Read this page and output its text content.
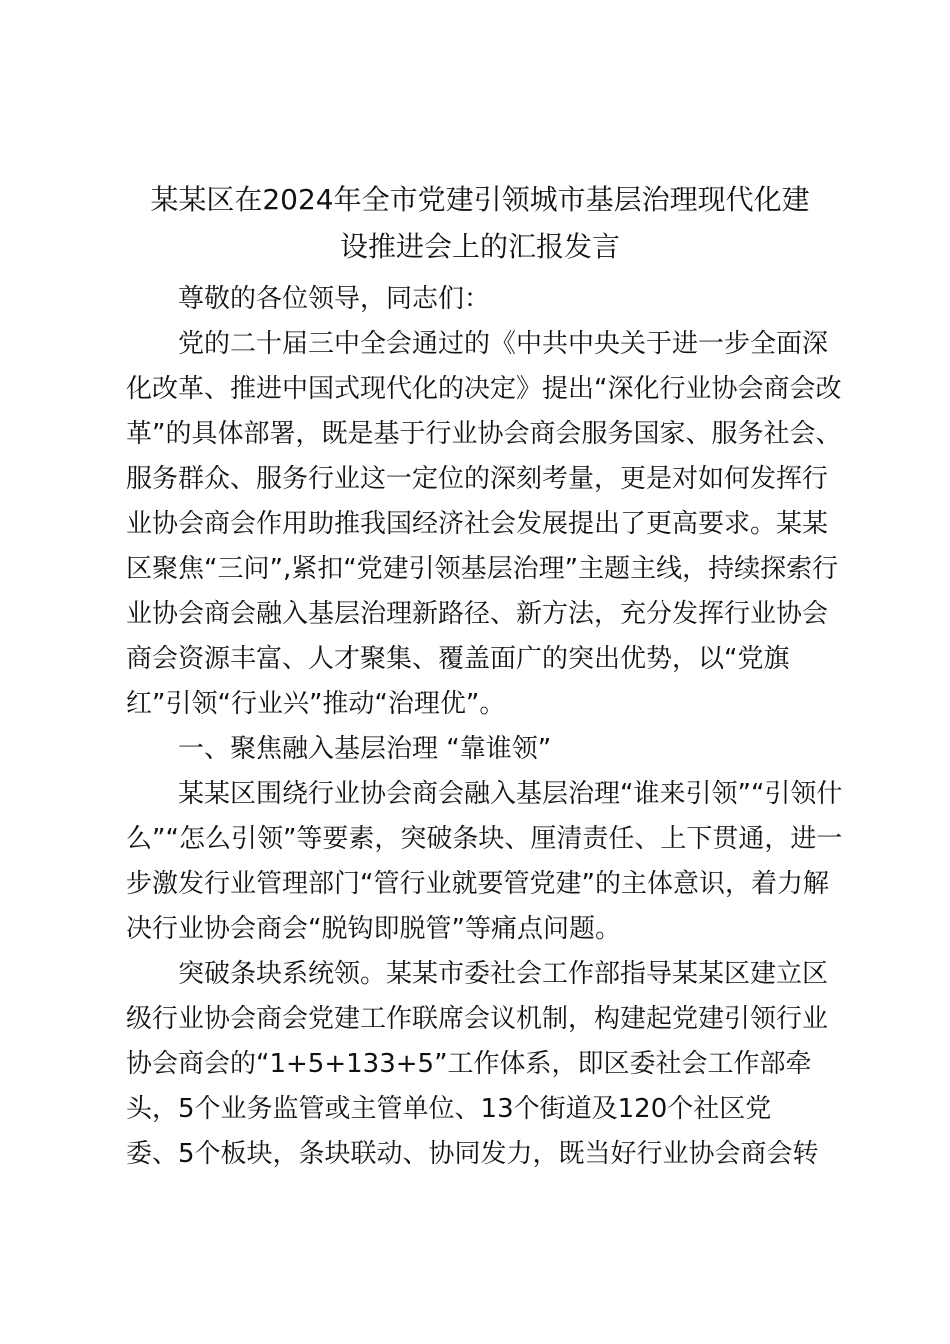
某某区在2024年全市党建引领城市基层治理现代化建
设推进会上的汇报发言

尊敬的各位领导，同志们：

党的二十届三中全会通过的《中共中央关于进一步全面深

化改革、推进中国式现代化的决定》提出“深化行业协会商会改

革”的具体部署，既是基于行业协会商会服务国家、服务社会、

服务群众、服务行业这一定位的深刻考量，更是对如何发挥行

业协会商会作用助推我国经济社会发展提出了更高要求。某某

区聚焦“三问”,紧扣“党建引领基层治理”主题主线，持续探索行

业协会商会融入基层治理新路径、新方法，充分发挥行业协会

商会资源丰富、人才聚集、覆盖面广的突出优势，以“党旗

红”引领“行业兴”推动“治理优”。

一、聚焦融入基层治理 “靠谁领”

某某区围绕行业协会商会融入基层治理“谁来引领”“引领什

么”“怎么引领”等要素，突破条块、厘清责任、上下贯通，进一

步激发行业管理部门“管行业就要管党建”的主体意识，着力解

决行业协会商会“脱钩即脱管”等痛点问题。

突破条块系统领。某某市委社会工作部指导某某区建立区

级行业协会商会党建工作联席会议机制，构建起党建引领行业

协会商会的“1+5+133+5”工作体系，即区委社会工作部牵

头，5个业务监管或主管单位、13个街道及120个社区党

委、5个板块，条块联动、协同发力，既当好行业协会商会转
